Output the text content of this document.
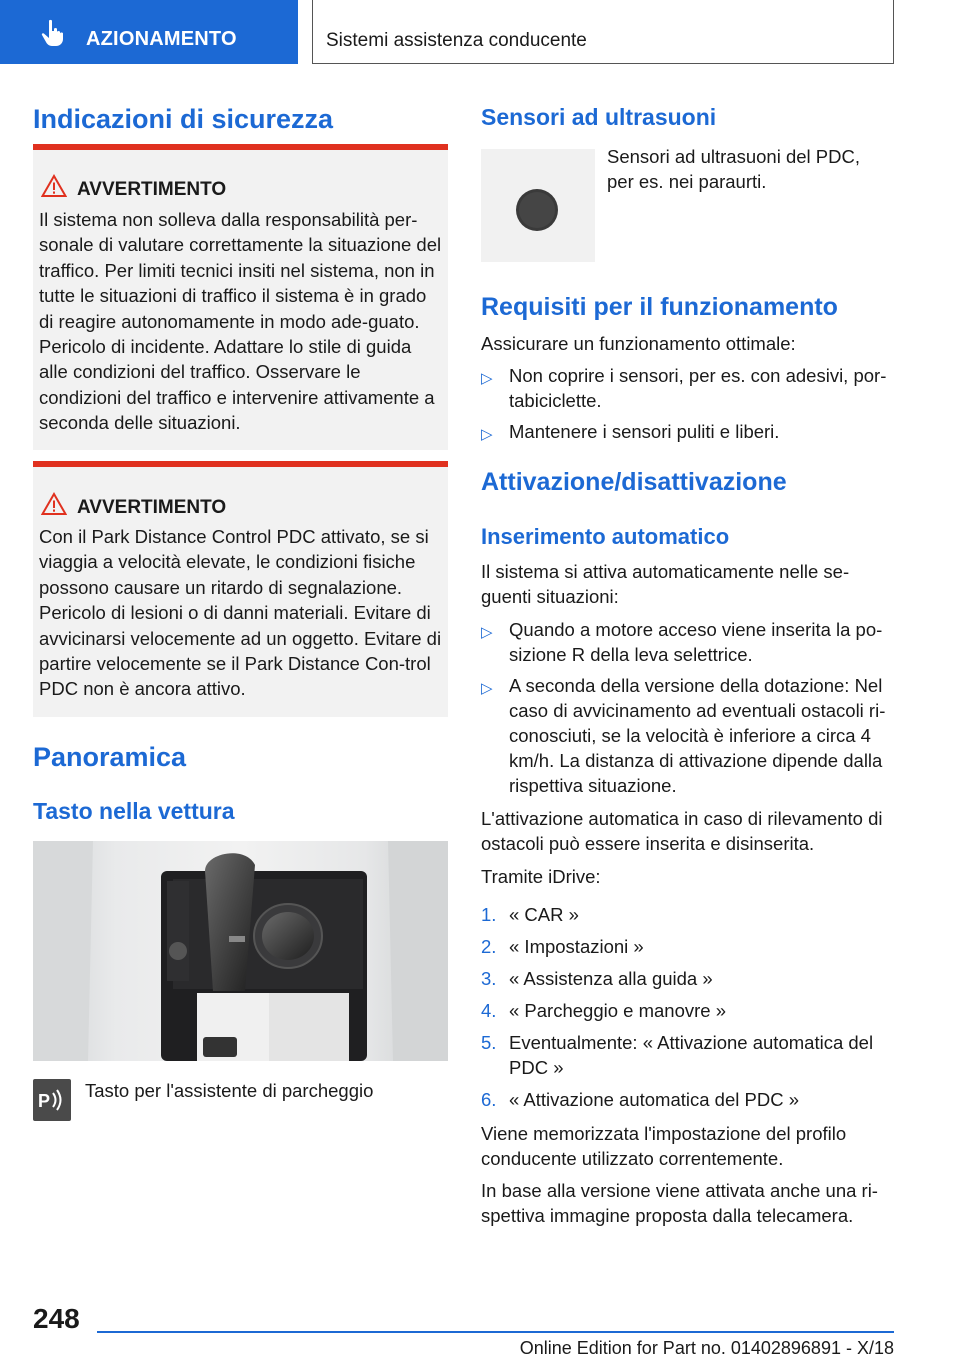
AZIONAMENTO	Sistemi assistenza conducente
Indicazioni di sicurezza
AVVERTIMENTO
Il sistema non solleva dalla responsabilità per-sonale di valutare correttamente la situazione del traffico. Per limiti tecnici insiti nel sistema, non in tutte le situazioni di traffico il sistema è in grado di reagire autonomamente in modo ade-guato. Pericolo di incidente. Adattare lo stile di guida alle condizioni del traffico. Osservare le condizioni del traffico e intervenire attivamente a seconda delle situazioni.
AVVERTIMENTO
Con il Park Distance Control PDC attivato, se si viaggia a velocità elevate, le condizioni fisiche possono causare un ritardo di segnalazione. Pericolo di lesioni o di danni materiali. Evitare di avvicinarsi velocemente ad un oggetto. Evitare di partire velocemente se il Park Distance Con-trol PDC non è ancora attivo.
Panoramica
Tasto nella vettura
P Tasto per l'assistente di parcheggio

Sensori ad ultrasuoni

Sensori ad ultrasuoni del PDC, per es. nei paraurti.

Requisiti per il funzionamento

Assicurare un funzionamento ottimale:

▷ Non coprire i sensori, per es. con adesivi, por-tabiciclette.
▷ Mantenere i sensori puliti e liberi.
Attivazione/disattivazione
Inserimento automatico

Il sistema si attiva automaticamente nelle se-guenti situazioni:

▷ Quando a motore acceso viene inserita la po-sizione R della leva selettrice.
▷ A seconda della versione della dotazione: Nel caso di avvicinamento ad eventuali ostacoli ri-conosciuti, se la velocità è inferiore a circa 4 km/h. La distanza di attivazione dipende dalla rispettiva situazione.

L'attivazione automatica in caso di rilevamento di ostacoli può essere inserita e disinserita.

Tramite iDrive:

1. « CAR »
2. « Impostazioni »
3. « Assistenza alla guida »
4. « Parcheggio e manovre »
5. Eventualmente: « Attivazione automatica del PDC »
6. « Attivazione automatica del PDC »

Viene memorizzata l'impostazione del profilo conducente utilizzato correntemente.

In base alla versione viene attivata anche una ri-spettiva immagine proposta dalla telecamera.

248
Online Edition for Part no. 01402896891 - X/18
